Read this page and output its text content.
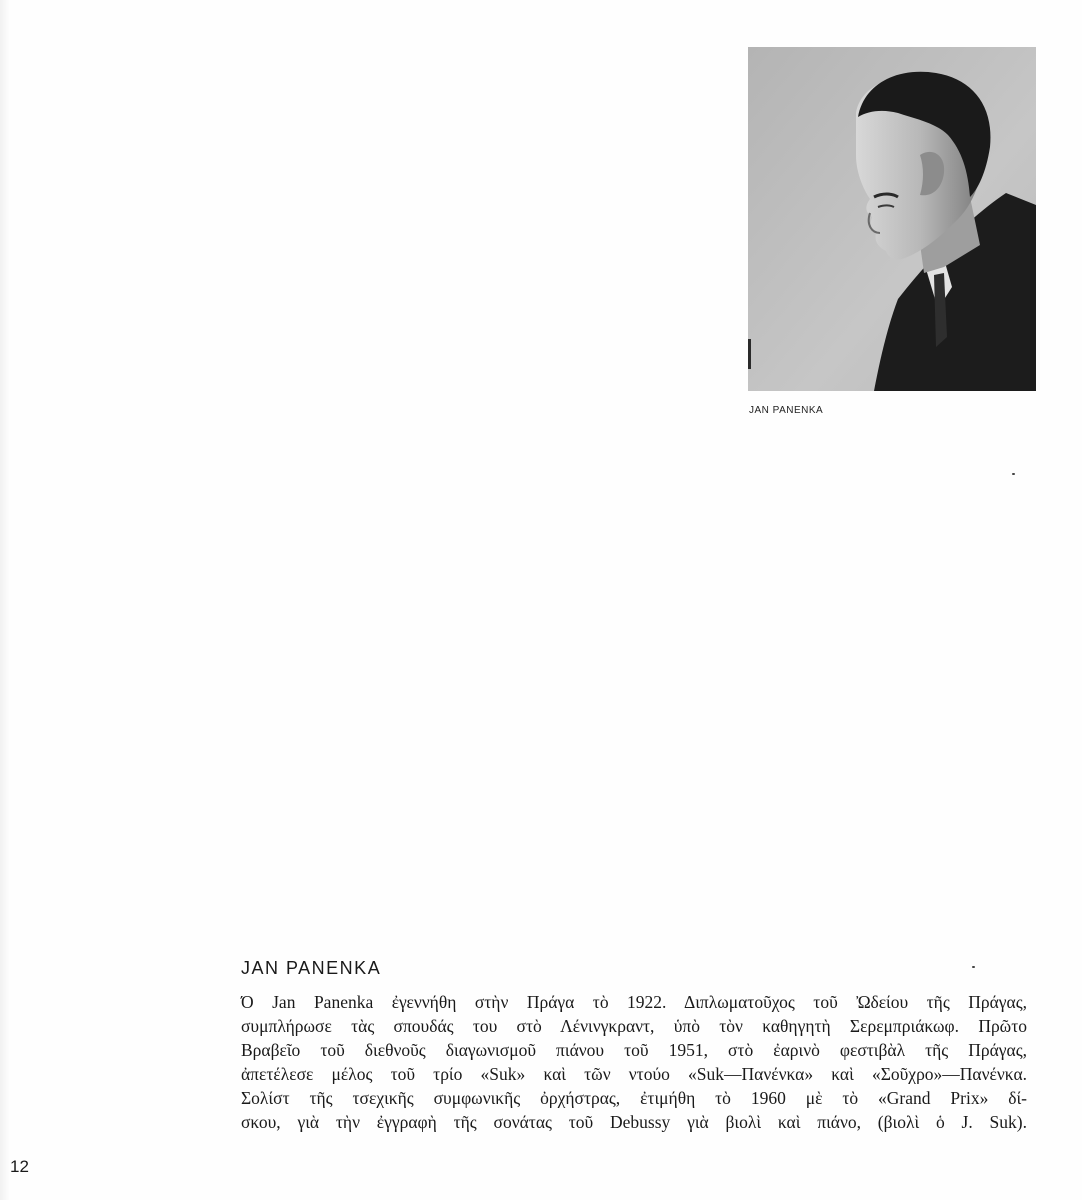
JAN PANENKA
JAN PANENKA
Ό Jan Panenka ἐγεννήθη στὴν Πράγα τὸ 1922. Διπλωματοῦχος τοῦ Ὠδείου τῆς Πράγας,
συμπλήρωσε τὰς σπουδάς του στὸ Λένινγκραντ, ὑπὸ τὸν καθηγητὴ Σερεμπριάκωφ. Πρῶτο
Βραβεῖο τοῦ διεθνοῦς διαγωνισμοῦ πιάνου τοῦ 1951, στὸ ἐαρινὸ φεστιβὰλ τῆς Πράγας,
ἀπετέλεσε μέλος τοῦ τρίο «Suk» καὶ τῶν ντούο «Suk—Πανένκα» καὶ «Σοῦχρο»—Πανένκα.
Σολίστ τῆς τσεχικῆς συμφωνικῆς ὀρχήστρας, ἐτιμήθη τὸ 1960 μὲ τὸ «Grand Prix» δί-
σκου, γιὰ τὴν ἐγγραφὴ τῆς σονάτας τοῦ Debussy γιὰ βιολὶ καὶ πιάνο, (βιολὶ ὁ J. Suk).
12
